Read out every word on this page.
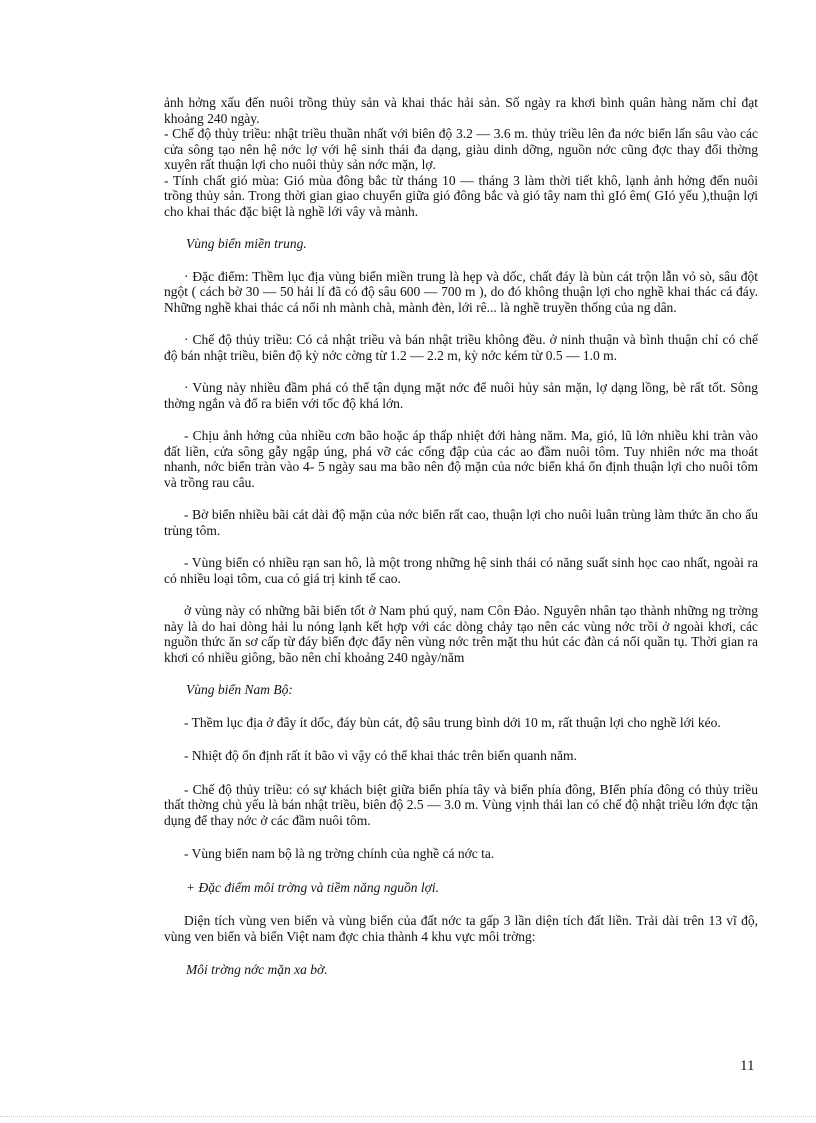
ảnh hởng xấu đến nuôi trồng thủy sản và khai thác hải sản. Số ngày ra khơi bình quân hàng năm chỉ đạt khoảng 240 ngày.

- Chế độ thủy triều: nhật triều thuần nhất với biên độ 3.2 — 3.6 m. thủy triều lên đa nớc biển lấn sâu vào các cửa sông tạo nên hệ nớc lợ với hệ sinh thái đa dạng, giàu dinh dỡng, nguồn nớc cũng đợc thay đổi thờng xuyên rất thuận lợi cho nuôi thủy sản nớc mặn, lợ.

- Tính chất gió mùa: Gió mùa đông bắc từ tháng 10 — tháng 3 làm thời tiết khô, lạnh ảnh hởng đến nuôi trồng thủy sản. Trong thời gian giao chuyển giữa gió đông bắc và gió tây nam thì gIó êm( GIó yếu ),thuận lợi cho khai thác đặc biệt là nghề lới vây và mành.

Vùng biển miền trung.

· Đặc điểm: Thềm lục địa vùng biển miền trung là hẹp và dốc, chất đáy là bùn cát trộn lẫn vỏ sò, sâu đột ngột ( cách bờ 30 — 50 hải lí đã có độ sâu 600 — 700 m ), do đó không thuận lợi cho nghề khai thác cá đáy. Những nghề khai thác cá nổi nh mành chà, mành đèn, lới rê... là nghề truyền thống của ng dân.

· Chế độ thủy triều: Có cả nhật triều và bán nhật triều không đều. ở ninh thuận và bình thuận chỉ có chế độ bán nhật triều, biên độ kỳ nớc cờng từ 1.2 — 2.2 m, kỳ nớc kém từ 0.5 — 1.0 m.

· Vùng này nhiều đầm phá có thể tận dụng mặt nớc để nuôi hủy sản mặn, lợ dạng lồng, bè rất tốt. Sông thờng ngắn và đổ ra biển với tốc độ khá lớn.

- Chịu ảnh hởng của nhiều cơn bão hoặc áp thấp nhiệt đới hàng năm. Ma, gió, lũ lớn nhiều khi tràn vào đất liền, cửa sông gẫy ngập úng, phá vỡ các cống đập của các ao đầm nuôi tôm. Tuy nhiên nớc ma thoát nhanh, nớc biển tràn vào 4- 5 ngày sau ma bão nên độ mặn của nớc biển khá ổn định thuận lợi cho nuôi tôm và trồng rau câu.

- Bờ biển nhiều bãi cát dài độ mặn của nớc biển rất cao, thuận lợi cho nuôi luân trùng làm thức ăn cho ấu trùng tôm.

- Vùng biển có nhiều rạn san hô, là một trong những hệ sinh thái có năng suất sinh học cao nhất, ngoài ra có nhiều loại tôm, cua có giá trị kinh tế cao.

ở vùng này có những bãi biển tốt ở Nam phú quý, nam Côn Đảo. Nguyên nhân tạo thành những ng trờng này là do hai dòng hải lu nóng lạnh kết hợp với các dòng chảy tạo nên các vùng nớc trồi ở ngoài khơi, các nguồn thức ăn sơ cấp từ đáy biển đợc đẩy nên vùng nớc trên mặt thu hút các đàn cá nổi quần tụ. Thời gian ra khơi có nhiều giông, bão nên chỉ khoảng 240 ngày/năm

Vùng biển Nam Bộ:

- Thềm lục địa ở đây ít dốc, đáy bùn cát, độ sâu trung bình dới 10 m, rất thuận lợi cho nghề lới kéo.

- Nhiệt độ ổn định rất ít bão vì vậy có thể khai thác trên biển quanh năm.

- Chế độ thủy triều: có sự khách biệt giữa biển phía tây và biển phía đông, BIển phía đông có thủy triều thất thờng chủ yếu là bán nhật triều, biên độ 2.5 — 3.0 m. Vùng vịnh thái lan có chế độ nhật triều lớn đợc tận dụng để thay nớc ở các đầm nuôi tôm.

- Vùng biển nam bộ là ng trờng chính của nghề cá nớc ta.

+ Đặc điểm môi trờng và tiềm năng nguồn lợi.

Diện tích vùng ven biển và vùng biển của đất nớc ta gấp 3 lần diện tích đất liền. Trải dài trên 13 vĩ độ, vùng ven biển và biển Việt nam đợc chia thành 4 khu vực môi trờng:

Môi trờng nớc mặn xa bờ.

11
